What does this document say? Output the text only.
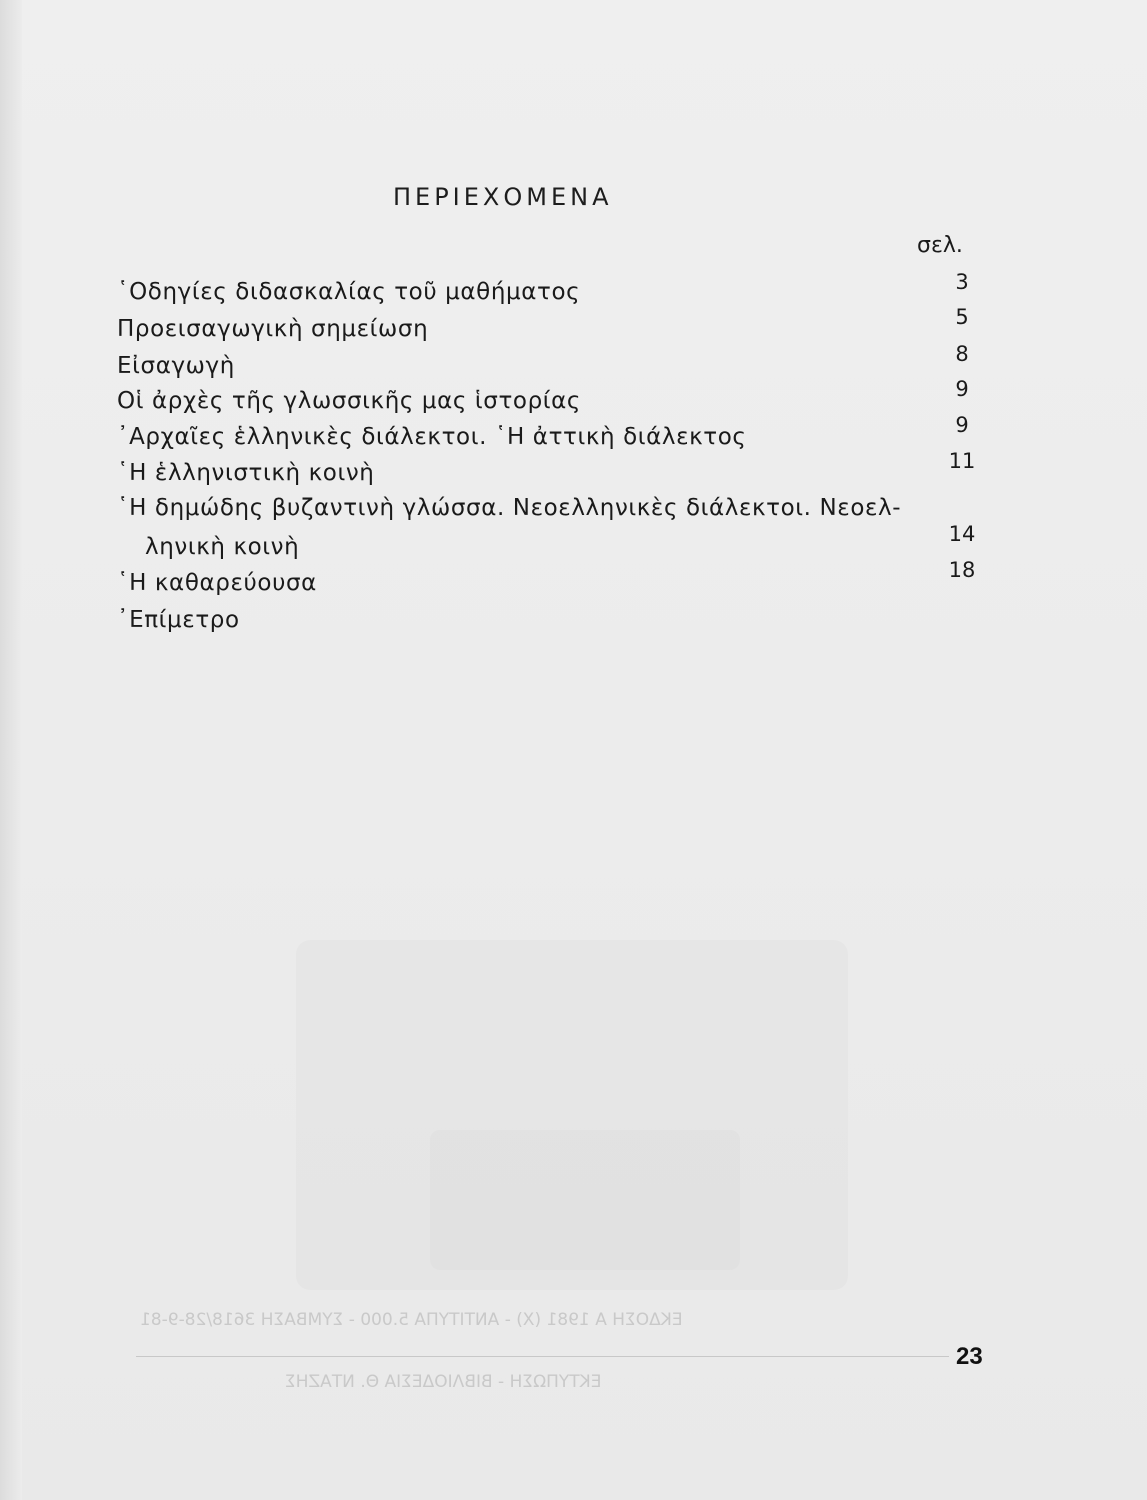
ΕΚΔΟΣΗ Α 1981 (Χ) - ΑΝΤΙΤΥΠΑ 5.000 - ΣΥΜΒΑΣΗ 3618/28-9-81
ΕΚΤΥΠΩΣΗ - ΒΙΒΛΙΟΔΕΣΙΑ Θ. ΝΤΑΖΗΣ
ΠΕΡΙΕΧΟΜΕΝΑ
σελ.
῾Οδηγίες διδασκαλίας τοῦ μαθήματος
Προεισαγωγικὴ σημείωση
Εἰσαγωγὴ
Οἱ ἀρχὲς τῆς γλωσσικῆς μας ἱστορίας
᾿Αρχαῖες ἑλληνικὲς διάλεκτοι. ῾Η ἀττικὴ διάλεκτος
῾Η ἑλληνιστικὴ κοινὴ
῾Η δημώδης βυζαντινὴ γλώσσα. Νεοελληνικὲς διάλεκτοι. Νεοελ-
ληνικὴ κοινὴ
῾Η καθαρεύουσα
᾿Επίμετρο
3
5
8
9
9
11
14
18
23
